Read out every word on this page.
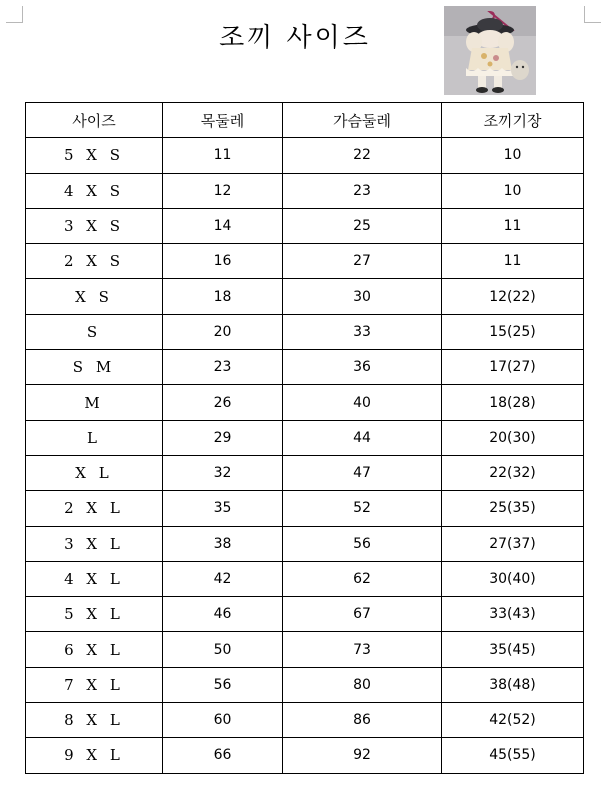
조끼 사이즈
사이즈	목둘레	가슴둘레	조끼기장
5 X S	11	22	10
4 X S	12	23	10
3 X S	14	25	11
2 X S	16	27	11
X S	18	30	12(22)
S	20	33	15(25)
S M	23	36	17(27)
M	26	40	18(28)
L	29	44	20(30)
X L	32	47	22(32)
2 X L	35	52	25(35)
3 X L	38	56	27(37)
4 X L	42	62	30(40)
5 X L	46	67	33(43)
6 X L	50	73	35(45)
7 X L	56	80	38(48)
8 X L	60	86	42(52)
9 X L	66	92	45(55)
